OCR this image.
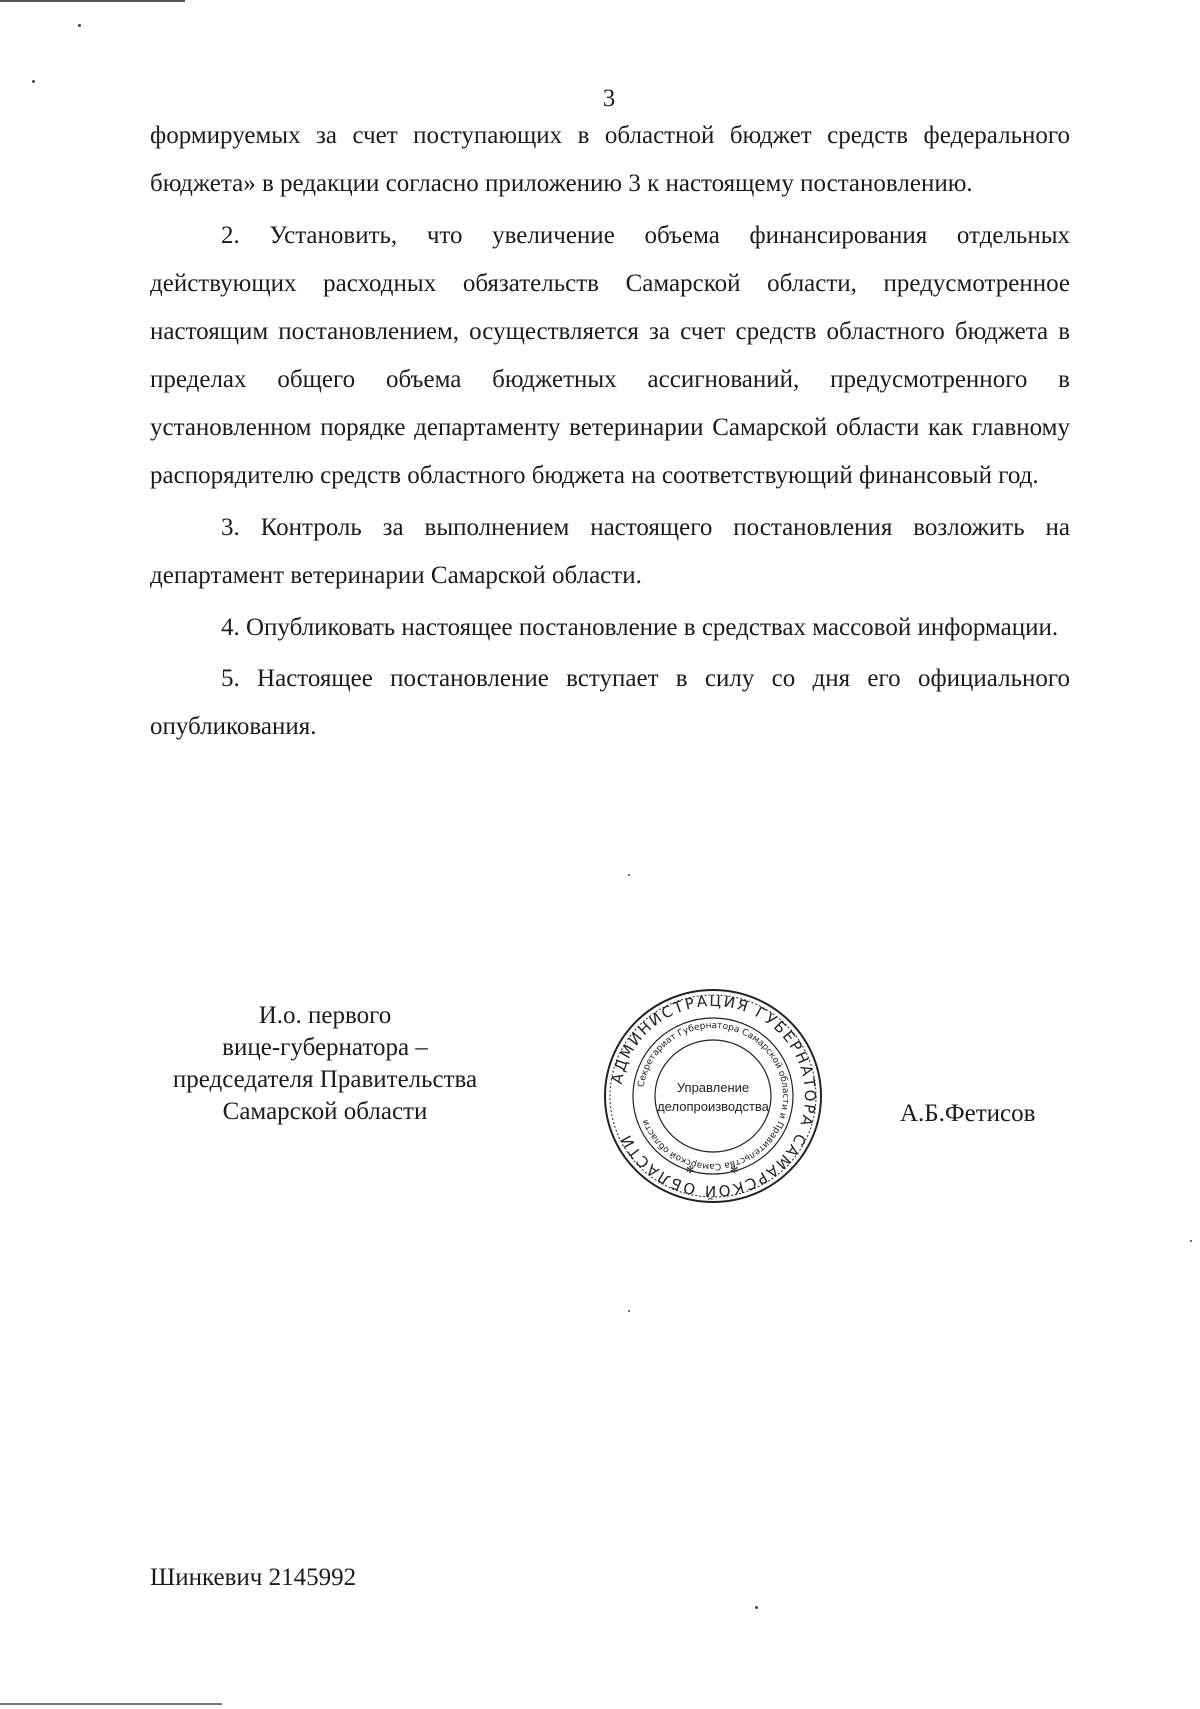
3

формируемых за счет поступающих в областной бюджет средств федерального бюджета» в редакции согласно приложению 3 к настоящему постановлению.

2. Установить, что увеличение объема финансирования отдельных действующих расходных обязательств Самарской области, предусмотренное настоящим постановлением, осуществляется за счет средств областного бюджета в пределах общего объема бюджетных ассигнований, предусмотренного в установленном порядке департаменту ветеринарии Самарской области как главному распорядителю средств областного бюджета на соответствующий финансовый год.

3. Контроль за выполнением настоящего постановления возложить на департамент ветеринарии Самарской области.

4. Опубликовать настоящее постановление в средствах массовой информации.

5. Настоящее постановление вступает в силу со дня его официального опубликования.

И.о. первого
вице-губернатора –
председателя Правительства
Самарской области
АДМИНИСТРАЦИЯ ГУБЕРНАТОРА САМАРСКОЙ ОБЛАСТИ
Секретариат Губернатора Самарской области и Правительства Самарской области
Управление
делопроизводства
✻	✻
А.Б.Фетисов
Шинкевич 2145992
